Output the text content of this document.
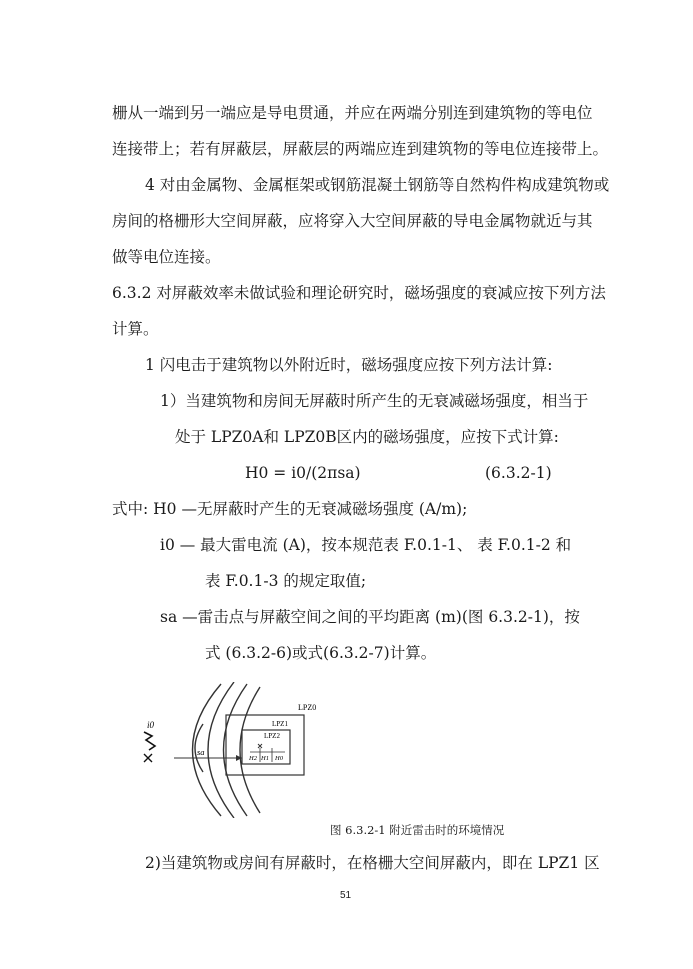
栅从一端到另一端应是导电贯通，并应在两端分别连到建筑物的等电位
连接带上；若有屏蔽层，屏蔽层的两端应连到建筑物的等电位连接带上。
4 对由金属物、金属框架或钢筋混凝土钢筋等自然构件构成建筑物或
房间的格栅形大空间屏蔽，应将穿入大空间屏蔽的导电金属物就近与其
做等电位连接。
6.3.2 对屏蔽效率未做试验和理论研究时，磁场强度的衰减应按下列方法
计算。
1 闪电击于建筑物以外附近时，磁场强度应按下列方法计算:
1）当建筑物和房间无屏蔽时所产生的无衰减磁场强度，相当于
处于 LPZ0A和 LPZ0B区内的磁场强度，应按下式计算:
H0 = i0/(2πsa)	(6.3.2-1)
式中: H0 —无屏蔽时产生的无衰减磁场强度 (A/m);
i0 — 最大雷电流 (A)，按本规范表 F.0.1-1、 表 F.0.1-2 和
表 F.0.1-3 的规定取值;
sa —雷击点与屏蔽空间之间的平均距离 (m)(图 6.3.2-1)，按
式 (6.3.2-6)或式(6.3.2-7)计算。
i0
sa
LPZ0
LPZ1
LPZ2
H2 H1 H0
图 6.3.2-1 附近雷击时的环境情况
2)当建筑物或房间有屏蔽时，在格栅大空间屏蔽内，即在 LPZ1 区
51
